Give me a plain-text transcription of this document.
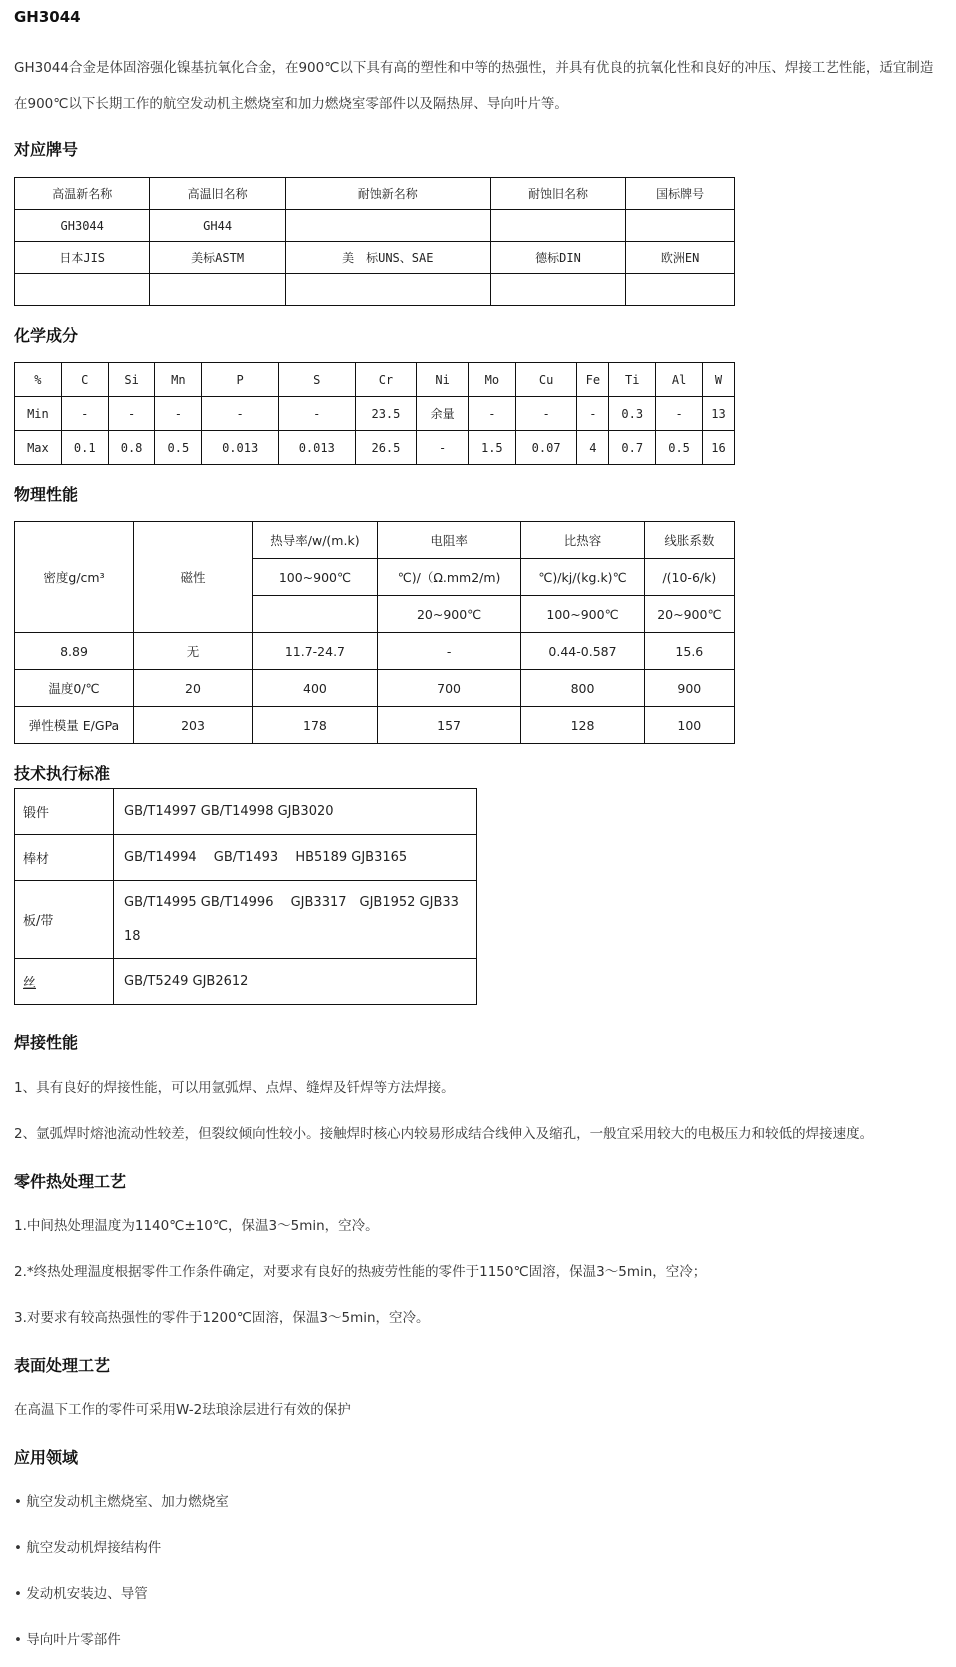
GH3044

GH3044合金是体固溶强化镍基抗氧化合金，在900℃以下具有高的塑性和中等的热强性，并具有优良的抗氧化性和良好的冲压、焊接工艺性能，适宜制造在900℃以下长期工作的航空发动机主燃烧室和加力燃烧室零部件以及隔热屏、导向叶片等。

对应牌号
高温新名称	高温旧名称	耐蚀新名称	耐蚀旧名称	国标牌号
GH3044	GH44			
日本JIS	美标ASTM	美　标UNS、SAE	德标DIN	欧洲EN

化学成分
%	C	Si	Mn	P	S	Cr	Ni	Mo	Cu	Fe	Ti	Al	W
Min	-	-	-	-	-	23.5	余量	-	-	-	0.3	-	13
Max	0.1	0.8	0.5	0.013	0.013	26.5	-	1.5	0.07	4	0.7	0.5	16
物理性能
密度g/cm³	磁性	热导率/w/(m.k)	电阻率	比热容	线胀系数
		100~900℃	℃)/（Ω.mm2/m)	℃)/kj/(kg.k)℃	/(10-6/k)
			20~900℃	100~900℃	20~900℃
8.89	无	11.7-24.7	-	0.44-0.587	15.6
温度0/℃	20	400	700	800	900
弹性模量 E/GPa	203	178	157	128	100
技术执行标准
锻件	GB/T14997 GB/T14998 GJB3020
棒材	GB/T14994　 GB/T1493　 HB5189 GJB3165
板/带	GB/T14995 GB/T14996　 GJB3317　GJB1952 GJB3318
丝	GB/T5249 GJB2612
焊接性能

1、具有良好的焊接性能，可以用氩弧焊、点焊、缝焊及钎焊等方法焊接。

2、氩弧焊时熔池流动性较差，但裂纹倾向性较小。接触焊时核心内较易形成结合线伸入及缩孔，一般宜采用较大的电极压力和较低的焊接速度。

零件热处理工艺

1.中间热处理温度为1140℃±10℃，保温3～5min，空冷。

2.*终热处理温度根据零件工作条件确定，对要求有良好的热疲劳性能的零件于1150℃固溶，保温3～5min，空冷；

3.对要求有较高热强性的零件于1200℃固溶，保温3～5min，空冷。

表面处理工艺

在高温下工作的零件可采用W-2珐琅涂层进行有效的保护

应用领域

• 航空发动机主燃烧室、加力燃烧室

• 航空发动机焊接结构件

• 发动机安装边、导管

• 导向叶片零部件
